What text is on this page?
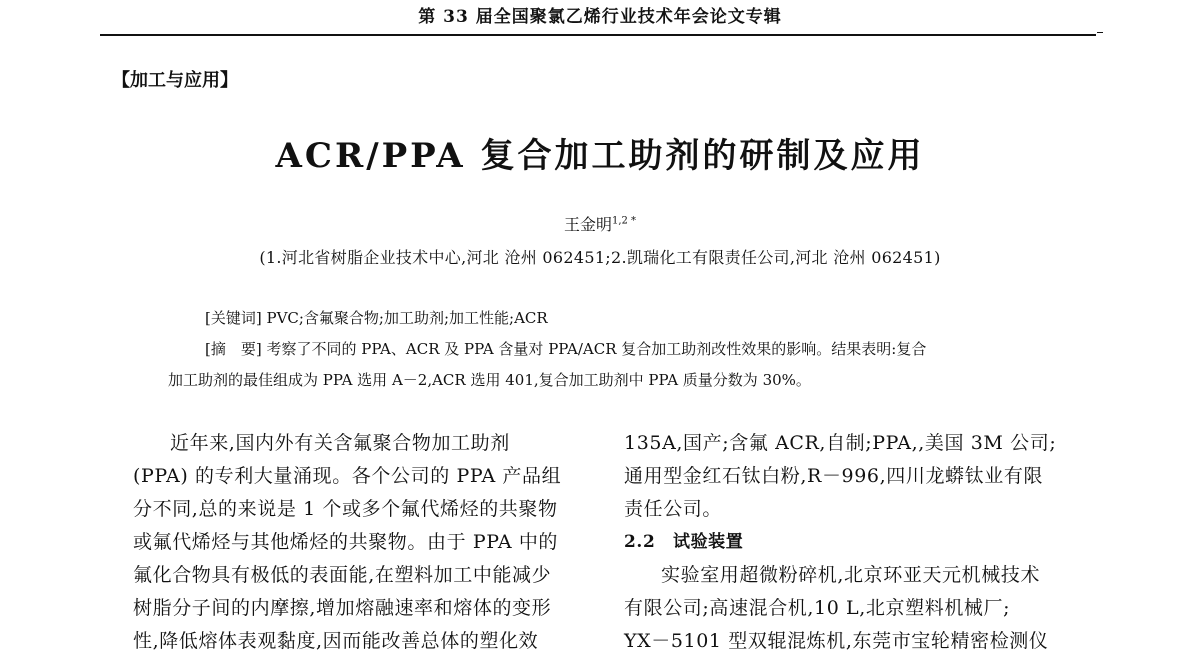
第 33 届全国聚氯乙烯行业技术年会论文专辑
【加工与应用】
ACR/PPA 复合加工助剂的研制及应用
王金明$^{1,2 *}$
(1.河北省树脂企业技术中心,河北 沧州 062451;2.凯瑞化工有限责任公司,河北 沧州 062451)
[关键词] PVC;含氟聚合物;加工助剂;加工性能;ACR
[摘　要] 考察了不同的 PPA、ACR 及 PPA 含量对 PPA/ACR 复合加工助剂改性效果的影响。结果表明:复合
加工助剂的最佳组成为 PPA 选用 A－2,ACR 选用 401,复合加工助剂中 PPA 质量分数为 30%。
近年来,国内外有关含氟聚合物加工助剂
(PPA) 的专利大量涌现。各个公司的 PPA 产品组
分不同,总的来说是 1 个或多个氟代烯烃的共聚物
或氟代烯烃与其他烯烃的共聚物。由于 PPA 中的
氟化合物具有极低的表面能,在塑料加工中能减少
树脂分子间的内摩擦,增加熔融速率和熔体的变形
性,降低熔体表观黏度,因而能改善总体的塑化效
135A,国产;含氟 ACR,自制;PPA,,美国 3M 公司;
通用型金红石钛白粉,R－996,四川龙蟒钛业有限
责任公司。
2.2　试验装置
实验室用超微粉碎机,北京环亚天元机械技术
有限公司;高速混合机,10 L,北京塑料机械厂;
YX－5101 型双辊混炼机,东莞市宝轮精密检测仪
